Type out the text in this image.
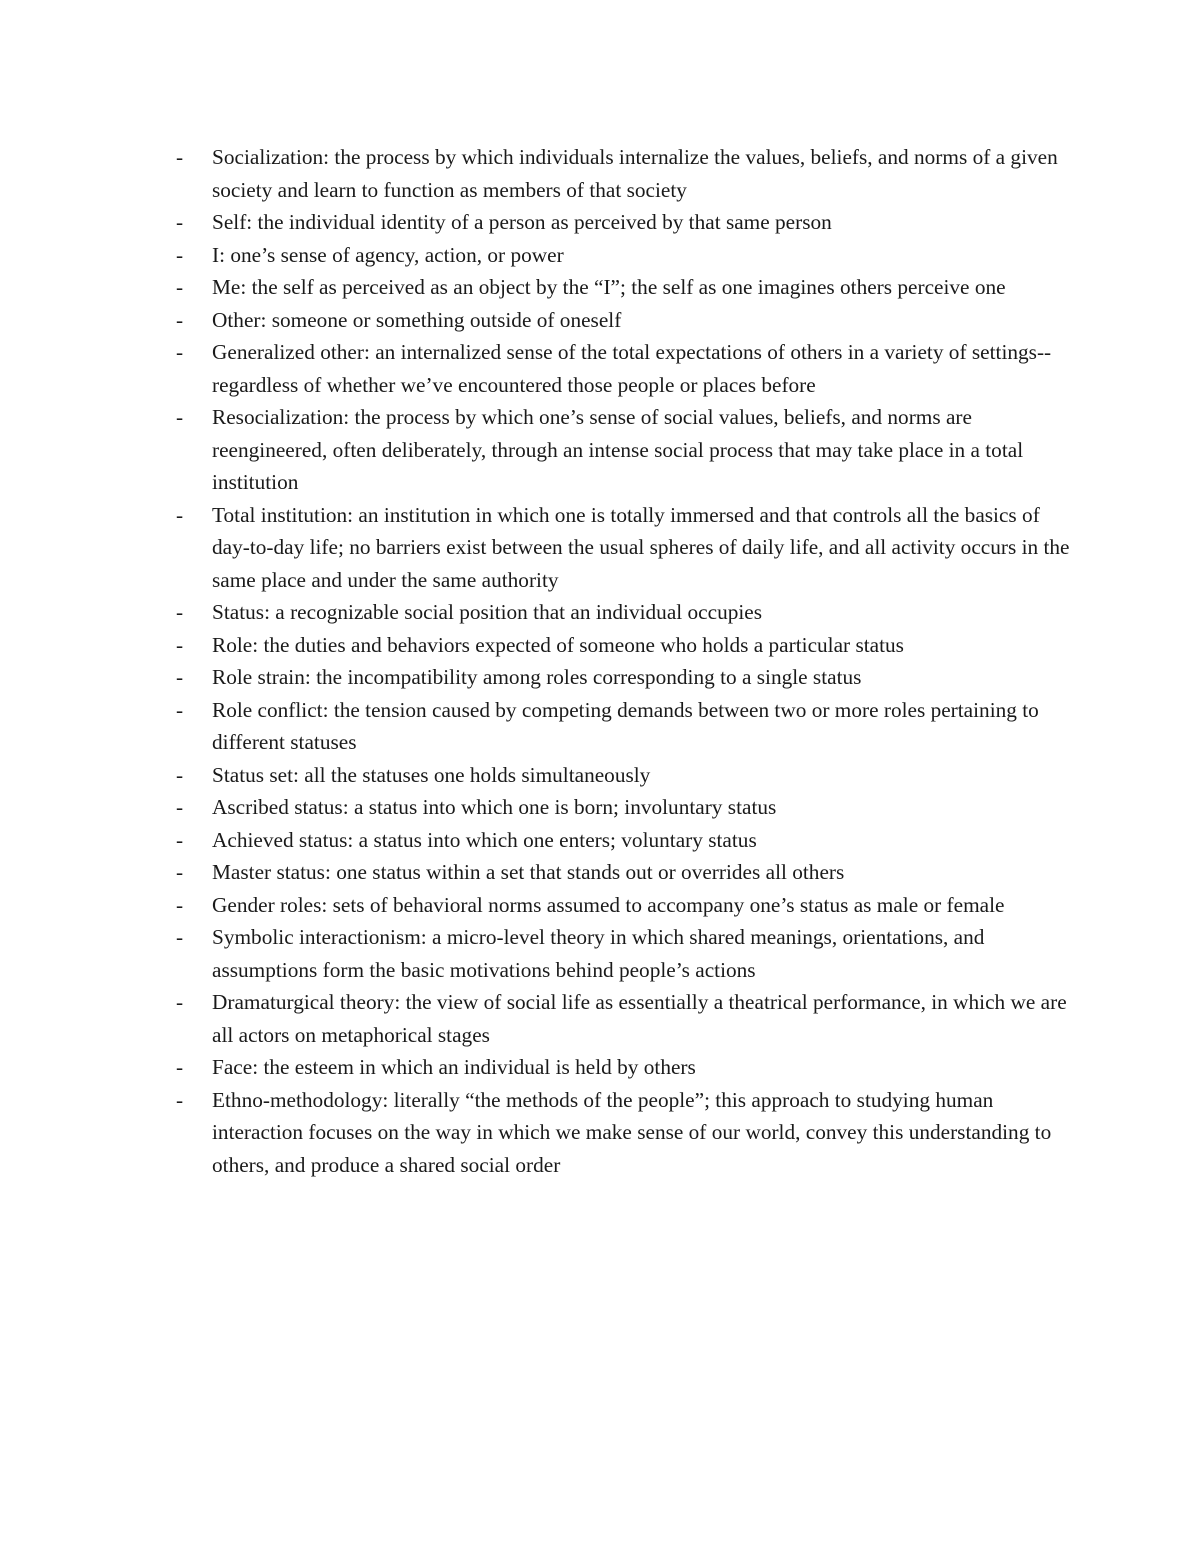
-	Socialization: the process by which individuals internalize the values, beliefs, and norms of a given society and learn to function as members of that society
-	Self: the individual identity of a person as perceived by that same person
-	I: one’s sense of agency, action, or power
-	Me: the self as perceived as an object by the “I”; the self as one imagines others perceive one
-	Other: someone or something outside of oneself
-	Generalized other: an internalized sense of the total expectations of others in a variety of settings-- regardless of whether we’ve encountered those people or places before
-	Resocialization: the process by which one’s sense of social values, beliefs, and norms are reengineered, often deliberately, through an intense social process that may take place in a total institution
-	Total institution: an institution in which one is totally immersed and that controls all the basics of day-to-day life; no barriers exist between the usual spheres of daily life, and all activity occurs in the same place and under the same authority
-	Status: a recognizable social position that an individual occupies
-	Role: the duties and behaviors expected of someone who holds a particular status
-	Role strain: the incompatibility among roles corresponding to a single status
-	Role conflict: the tension caused by competing demands between two or more roles pertaining to different statuses
-	Status set: all the statuses one holds simultaneously
-	Ascribed status: a status into which one is born; involuntary status
-	Achieved status: a status into which one enters; voluntary status
-	Master status: one status within a set that stands out or overrides all others
-	Gender roles: sets of behavioral norms assumed to accompany one’s status as male or female
-	Symbolic interactionism: a micro-level theory in which shared meanings, orientations, and assumptions form the basic motivations behind people’s actions
-	Dramaturgical theory: the view of social life as essentially a theatrical performance, in which we are all actors on metaphorical stages
-	Face: the esteem in which an individual is held by others
-	Ethno-methodology: literally “the methods of the people”; this approach to studying human interaction focuses on the way in which we make sense of our world, convey this understanding to others, and produce a shared social order
